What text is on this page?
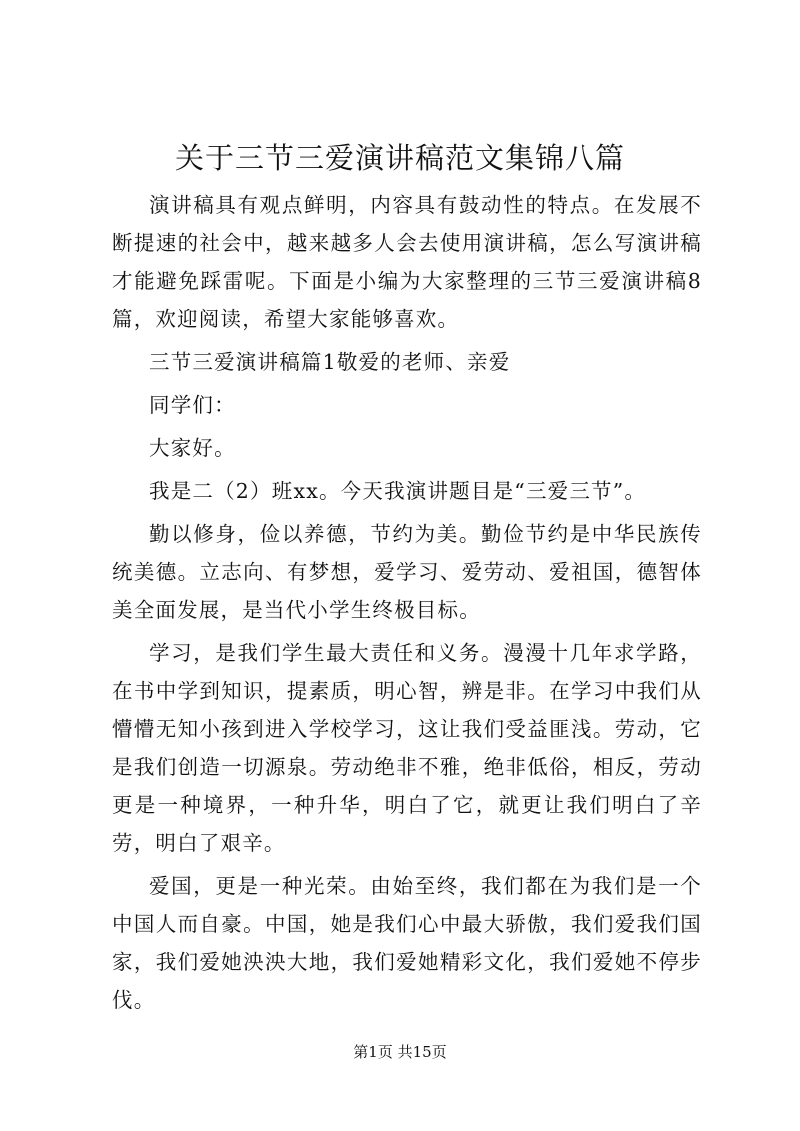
关于三节三爱演讲稿范文集锦八篇

演讲稿具有观点鲜明，内容具有鼓动性的特点。在发展不断提速的社会中，越来越多人会去使用演讲稿，怎么写演讲稿才能避免踩雷呢。下面是小编为大家整理的三节三爱演讲稿8篇，欢迎阅读，希望大家能够喜欢。

三节三爱演讲稿篇1敬爱的老师、亲爱

同学们：

大家好。

我是二（2）班xx。今天我演讲题目是“三爱三节”。

勤以修身，俭以养德，节约为美。勤俭节约是中华民族传统美德。立志向、有梦想，爱学习、爱劳动、爱祖国，德智体美全面发展，是当代小学生终极目标。

学习，是我们学生最大责任和义务。漫漫十几年求学路，在书中学到知识，提素质，明心智，辨是非。在学习中我们从懵懵无知小孩到进入学校学习，这让我们受益匪浅。劳动，它是我们创造一切源泉。劳动绝非不雅，绝非低俗，相反，劳动更是一种境界，一种升华，明白了它，就更让我们明白了辛劳，明白了艰辛。

爱国，更是一种光荣。由始至终，我们都在为我们是一个中国人而自豪。中国，她是我们心中最大骄傲，我们爱我们国家，我们爱她泱泱大地，我们爱她精彩文化，我们爱她不停步伐。

第1页 共15页
